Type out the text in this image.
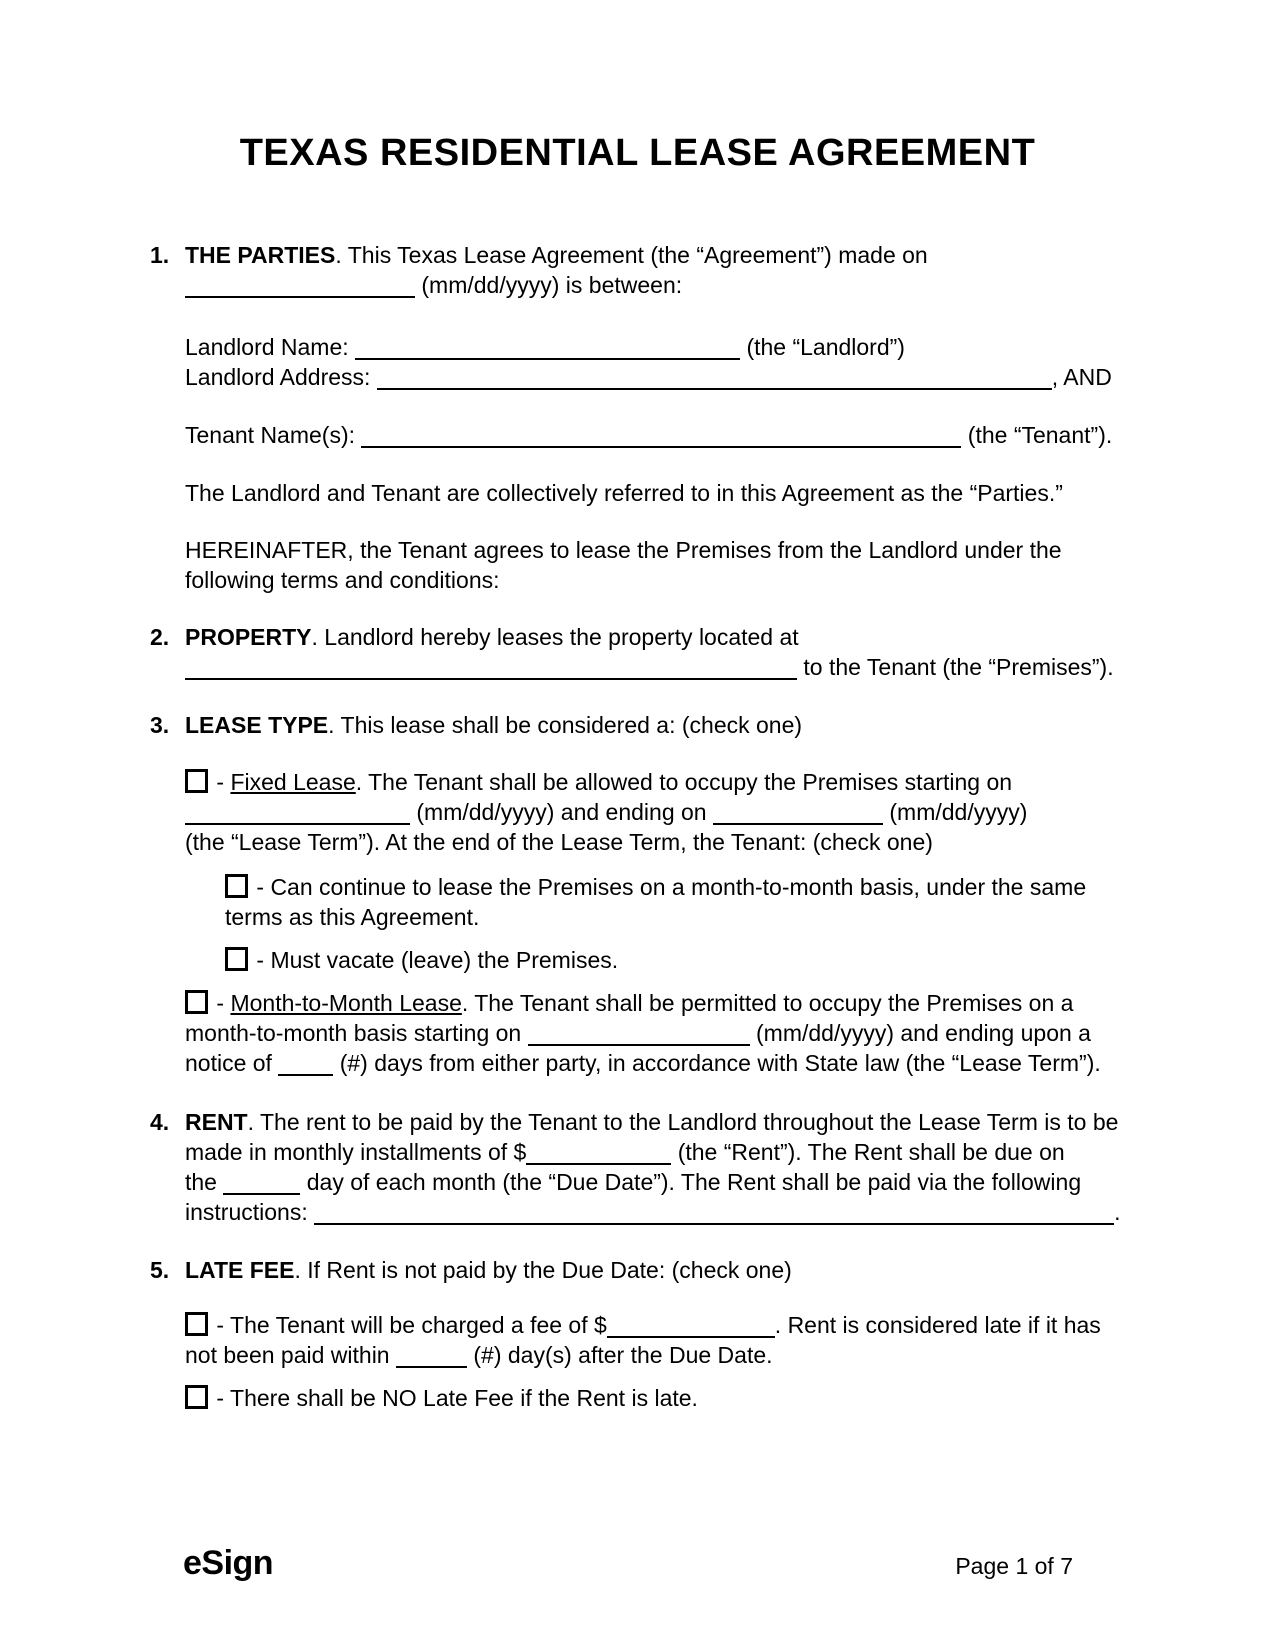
TEXAS RESIDENTIAL LEASE AGREEMENT
1. THE PARTIES. This Texas Lease Agreement (the “Agreement”) made on
(mm/dd/yyyy) is between:
Landlord Name:	(the “Landlord”)
Landlord Address:	, AND
Tenant Name(s):	(the “Tenant”).
The Landlord and Tenant are collectively referred to in this Agreement as the “Parties.”
HEREINAFTER, the Tenant agrees to lease the Premises from the Landlord under the
following terms and conditions:
2. PROPERTY. Landlord hereby leases the property located at
to the Tenant (the “Premises”).
3. LEASE TYPE. This lease shall be considered a: (check one)
- Fixed Lease. The Tenant shall be allowed to occupy the Premises starting on
(mm/dd/yyyy) and ending on	(mm/dd/yyyy)
(the “Lease Term”). At the end of the Lease Term, the Tenant: (check one)
- Can continue to lease the Premises on a month-to-month basis, under the same
terms as this Agreement.
- Must vacate (leave) the Premises.
- Month-to-Month Lease. The Tenant shall be permitted to occupy the Premises on a
month-to-month basis starting on	(mm/dd/yyyy) and ending upon a
notice of	(#) days from either party, in accordance with State law (the “Lease Term”).
4. RENT. The rent to be paid by the Tenant to the Landlord throughout the Lease Term is to be
made in monthly installments of $	(the “Rent”). The Rent shall be due on
the	day of each month (the “Due Date”). The Rent shall be paid via the following
instructions:	.
5. LATE FEE. If Rent is not paid by the Due Date: (check one)
- The Tenant will be charged a fee of $	. Rent is considered late if it has
not been paid within	(#) day(s) after the Due Date.
- There shall be NO Late Fee if the Rent is late.
eSign	Page 1 of 7
